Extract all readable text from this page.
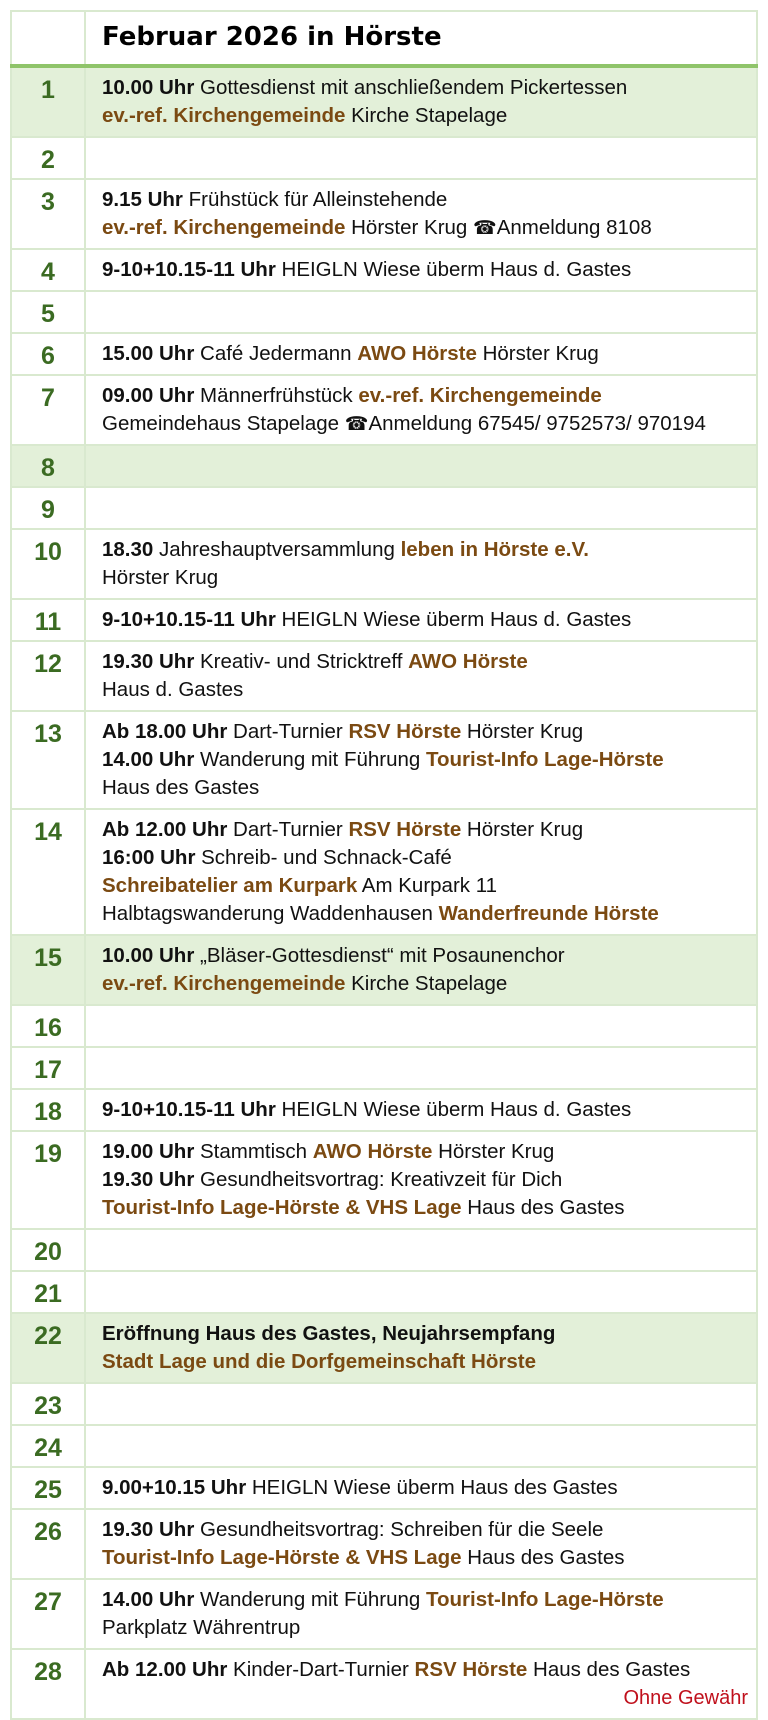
	Februar 2026 in Hörste

1	10.00 Uhr Gottesdienst mit anschließendem Pickertessen
ev.-ref. Kirchengemeinde Kirche Stapelage

2	
3	9.15 Uhr Frühstück für Alleinstehende
ev.-ref. Kirchengemeinde Hörster Krug ☎Anmeldung 8108

4	9-10+10.15-11 Uhr HEIGLN Wiese überm Haus d. Gastes

5	
6	15.00 Uhr Café Jedermann AWO Hörste Hörster Krug

7	09.00 Uhr Männerfrühstück ev.-ref. Kirchengemeinde
Gemeindehaus Stapelage ☎Anmeldung 67545/ 9752573/ 970194

8	
9	
10	18.30 Jahreshauptversammlung leben in Hörste e.V.
Hörster Krug

11	9-10+10.15-11 Uhr HEIGLN Wiese überm Haus d. Gastes

12	19.30 Uhr Kreativ- und Stricktreff AWO Hörste
Haus d. Gastes

13	Ab 18.00 Uhr Dart-Turnier RSV Hörste Hörster Krug
14.00 Uhr Wanderung mit Führung Tourist-Info Lage-Hörste
Haus des Gastes

14	Ab 12.00 Uhr Dart-Turnier RSV Hörste Hörster Krug
16:00 Uhr Schreib- und Schnack-Café
Schreibatelier am Kurpark Am Kurpark 11
Halbtagswanderung Waddenhausen Wanderfreunde Hörste

15	10.00 Uhr „Bläser-Gottesdienst“ mit Posaunenchor
ev.-ref. Kirchengemeinde Kirche Stapelage

16	
17	
18	9-10+10.15-11 Uhr HEIGLN Wiese überm Haus d. Gastes

19	19.00 Uhr Stammtisch AWO Hörste Hörster Krug
19.30 Uhr Gesundheitsvortrag: Kreativzeit für Dich
Tourist-Info Lage-Hörste & VHS Lage Haus des Gastes

20	
21	
22	Eröffnung Haus des Gastes, Neujahrsempfang
Stadt Lage und die Dorfgemeinschaft Hörste

23	
24	
25	9.00+10.15 Uhr HEIGLN Wiese überm Haus des Gastes

26	19.30 Uhr Gesundheitsvortrag: Schreiben für die Seele
Tourist-Info Lage-Hörste & VHS Lage Haus des Gastes

27	14.00 Uhr Wanderung mit Führung Tourist-Info Lage-Hörste
Parkplatz Währentrup

28	Ab 12.00 Uhr Kinder-Dart-Turnier RSV Hörste Haus des Gastes
Ohne Gewähr
